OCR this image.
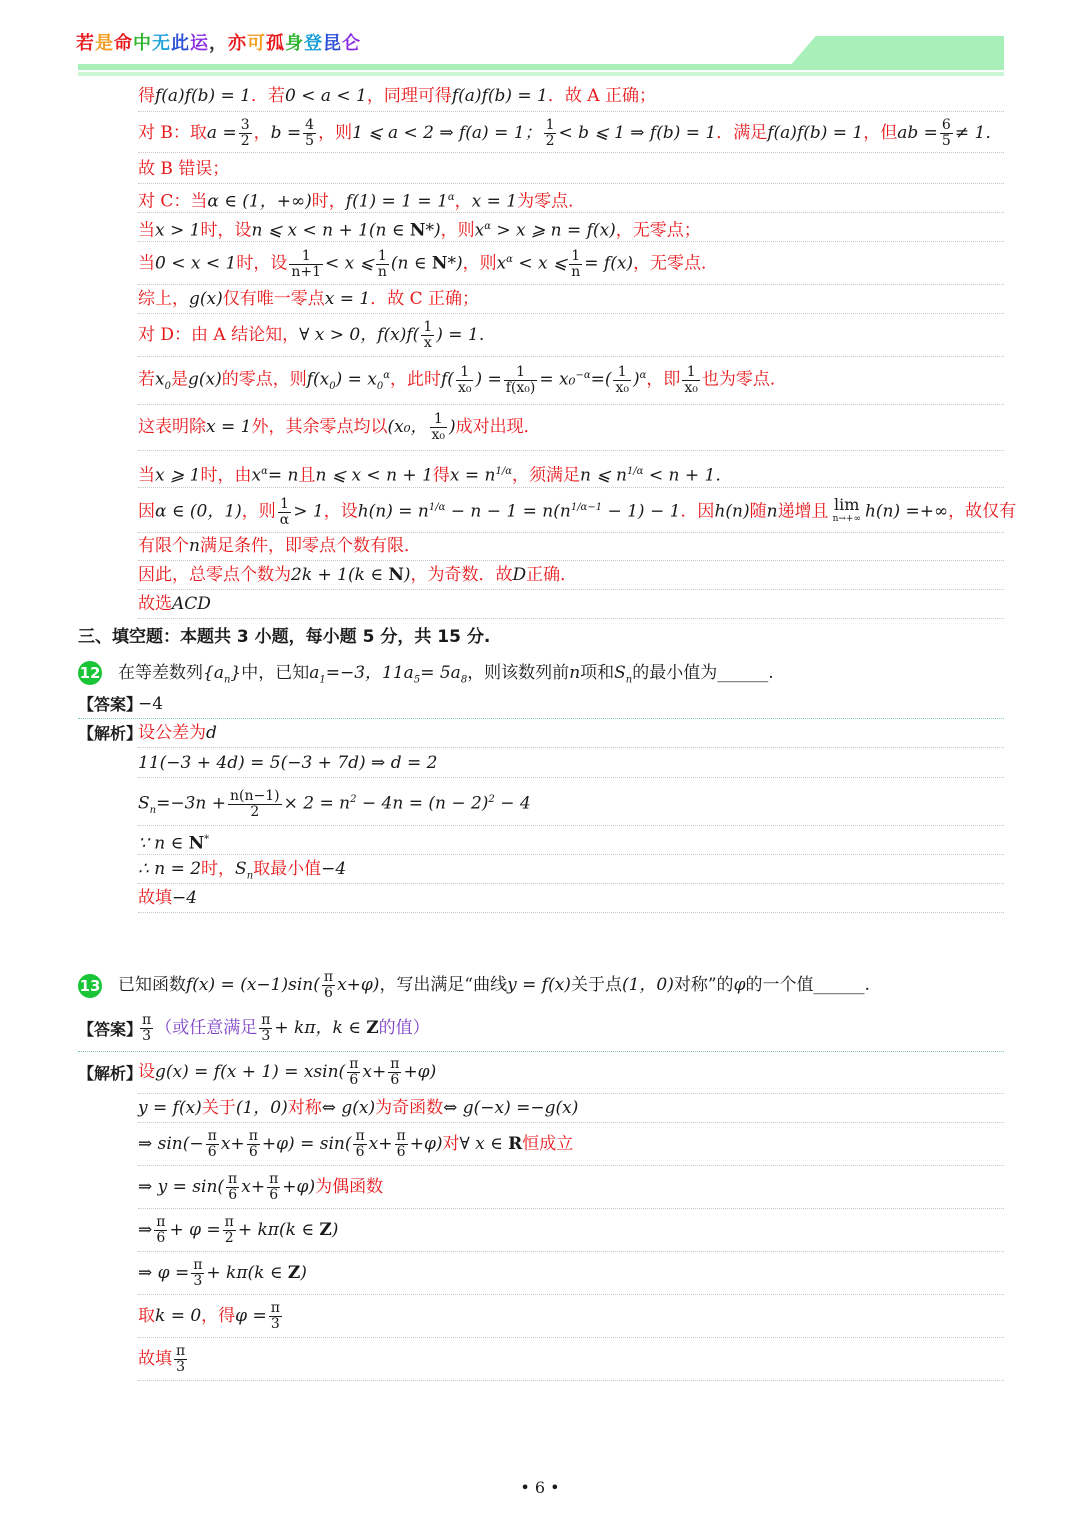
若是命中无此运，亦可孤身登昆仑
得f(a)f(b) = 1．若0 < a < 1，同理可得f(a)f(b) = 1．故 A 正确；
对 B：取$a = \frac{3}{2}$ ，$b = \frac{4}{5}$ ，则1 ⩽ a < 2 ⇒ f(a) = 1； $\frac{1}{2} < b$ ⩽ 1 ⇒ f(b) = 1．满足f(a)f(b) = 1，但ab = $\frac{6}{5} \ne 1$．
故 B 错误；
对 C：当α ∈ (1，+∞)时，$f(1) = 1 = 1^\alpha$，x = 1为零点．
当x > 1时，设n ⩽ x < n + 1(n ∈ N*)，则$x^\alpha > x$ ⩾ n = f(x)，无零点；
当0 < x < 1时，设 $\frac{1}{n+1} < x$ ⩽ $\frac{1}{n} (n$ ∈ N*)，则$x^\alpha < x$ ⩽ $\frac{1}{n} = f(x)$，无零点．
综上，g(x)仅有唯一零点x = 1．故 C 正确；
对 D：由 A 结论知，∀ x > 0，$f(x)f( \frac{1}{x}$ ) = 1．
若$x_0$是g(x)的零点，则$f(x_0) = x_0^\alpha$，此时$f( \frac{1}{\text{x₀}}$ ) = $\frac{1}{\text{f(x₀)}} = x_0^{-\alpha}=( \frac{1}{\text{x₀}} )^\alpha$，即 $\frac{1}{\text{x₀}}$ 也为零点．
这表明除x = 1外，其余零点均以(x₀， $\frac{1}{\text{x₀}}$ )成对出现．
当x ⩾ 1时，由$x^\alpha= n$且n ⩽ x < n + 1得$x = n^{1/\alpha}$，须满足n ⩽ $n^{1/\alpha} < n + 1$．
因α ∈ (0，1)，则 $\frac{1}{\alpha} > 1$，设$h(n) = n^{1/\alpha} - n - 1 = n(n^{1/\alpha-1} - 1) - 1$．因h(n)随n递增且 lim
n→+∞ h(n) =+∞，故仅有
有限个n满足条件，即零点个数有限．
因此，总零点个数为2k + 1(k ∈ N)，为奇数．故D正确．
故选ACD
三、填空题：本题共 3 小题，每小题 5 分，共 15 分.
12 在等差数列$\{a_n\}$中，已知$a_1=-3$，$11a_5= 5a_8$，则该数列前n项和$S_n$的最小值为______.
【答案】
−4
【解析】
设公差为d
11(−3 + 4d) = 5(−3 + 7d) ⇒ d = 2
$S_n=-3n + \frac{n(n-1)}{2} \times 2 = n^2 - 4n = (n - 2)^2 - 4$
∵ n ∈ N*
∴ n = 2时，$S_n$取最小值−4
故填−4
13 已知函数$f(x) = (x-1)\sin( \frac{\pi}{6} x+\varphi)$，写出满足“曲线y = f(x)关于点(1，0)对称”的φ的一个值______.
【答案】
$\frac{\pi}{3}$ （或任意满足 $\frac{\pi}{3} + k\pi$，k ∈ Z的值）
【解析】
设$g(x) = f(x + 1) = xsin( \frac{\pi}{6} x+ \frac{\pi}{6} +\varphi)$
y = f(x)关于(1，0)对称⇔ g(x)为奇函数⇔ g(−x) =−g(x)
⇒ $\sin(- \frac{\pi}{6} x+ \frac{\pi}{6} +\varphi) = \sin( \frac{\pi}{6} x+ \frac{\pi}{6} +\varphi)$对∀ x ∈ R恒成立
⇒ $y = \sin( \frac{\pi}{6} x+ \frac{\pi}{6} +\varphi)$为偶函数
⇒ $\frac{\pi}{6} + \varphi = \frac{\pi}{2} + k\pi(k$ ∈ Z)
⇒ $\varphi = \frac{\pi}{3} + k\pi(k$ ∈ Z)
取k = 0，得$\varphi = \frac{\pi}{3}$
故填 $\frac{\pi}{3}$
• 6 •
